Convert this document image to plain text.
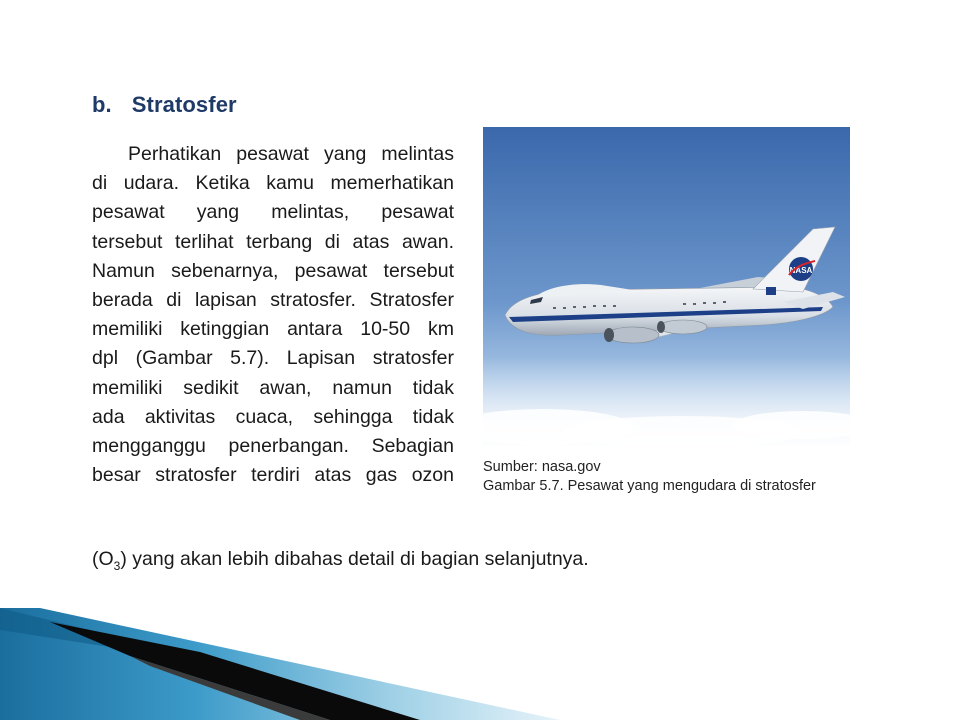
b. Stratosfer
Perhatikan pesawat yang melintas
di udara. Ketika kamu memerhatikan
pesawat yang melintas, pesawat
tersebut terlihat terbang di atas awan.
Namun sebenarnya, pesawat tersebut
berada di lapisan stratosfer. Stratosfer
memiliki ketinggian antara 10-50 km
dpl (Gambar 5.7). Lapisan stratosfer
memiliki sedikit awan, namun tidak
ada aktivitas cuaca, sehingga tidak
mengganggu penerbangan. Sebagian
besar stratosfer terdiri atas gas ozon
$(O_3)$ yang akan lebih dibahas detail di bagian selanjutnya.
NASA
Sumber: nasa.gov
Gambar 5.7. Pesawat yang mengudara di stratosfer
